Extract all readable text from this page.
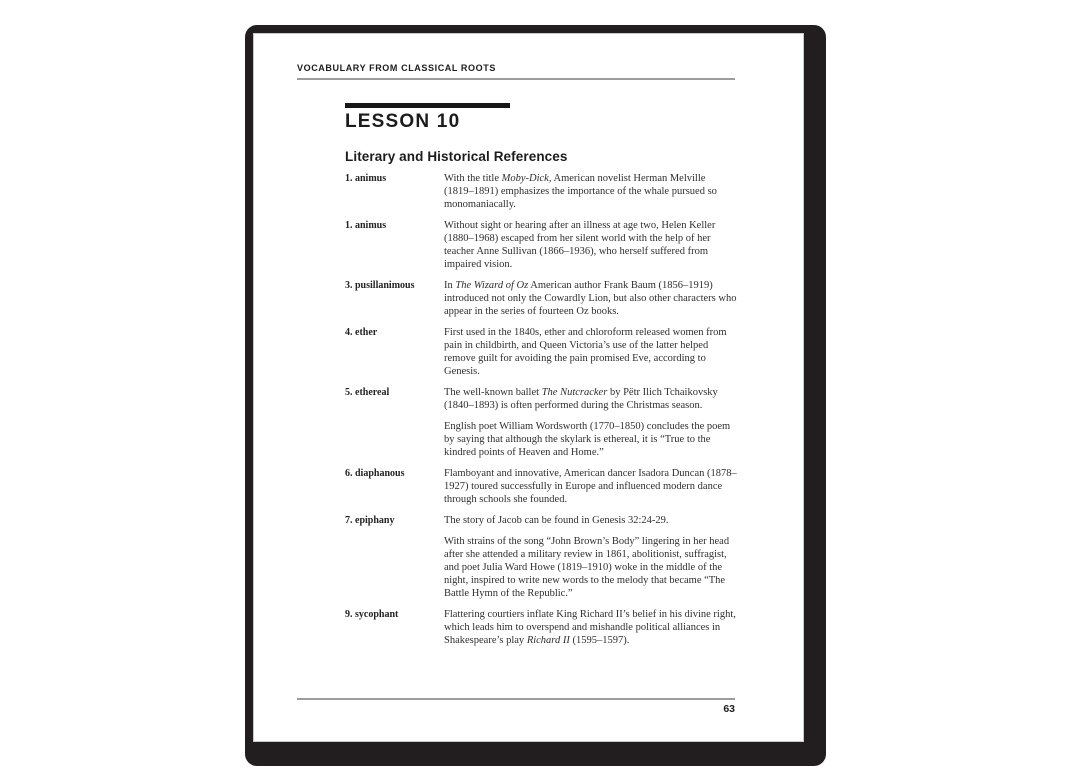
VOCABULARY FROM CLASSICAL ROOTS
LESSON 10
Literary and Historical References
1. animus	With the title Moby-Dick, American novelist Herman Melville (1819–1891) emphasizes the importance of the whale pursued so monomaniacally.

1. animus	Without sight or hearing after an illness at age two, Helen Keller (1880–1968) escaped from her silent world with the help of her teacher Anne Sullivan (1866–1936), who herself suffered from impaired vision.

3. pusillanimous	In The Wizard of Oz American author Frank Baum (1856–1919) introduced not only the Cowardly Lion, but also other characters who appear in the series of fourteen Oz books.

4. ether	First used in the 1840s, ether and chloroform released women from pain in childbirth, and Queen Victoria’s use of the latter helped remove guilt for avoiding the pain promised Eve, according to Genesis.

5. ethereal	The well-known ballet The Nutcracker by Pëtr Ilich Tchaikovsky (1840–1893) is often performed during the Christmas season.

English poet William Wordsworth (1770–1850) concludes the poem by saying that although the skylark is ethereal, it is “True to the kindred points of Heaven and Home.”

6. diaphanous	Flamboyant and innovative, American dancer Isadora Duncan (1878– 1927) toured successfully in Europe and influenced modern dance through schools she founded.

7. epiphany	The story of Jacob can be found in Genesis 32:24-29.

With strains of the song “John Brown’s Body” lingering in her head after she attended a military review in 1861, abolitionist, suffragist, and poet Julia Ward Howe (1819–1910) woke in the middle of the night, inspired to write new words to the melody that became “The Battle Hymn of the Republic.”

9. sycophant	Flattering courtiers inflate King Richard II’s belief in his divine right, which leads him to overspend and mishandle political alliances in Shakespeare’s play Richard II (1595–1597).

63
